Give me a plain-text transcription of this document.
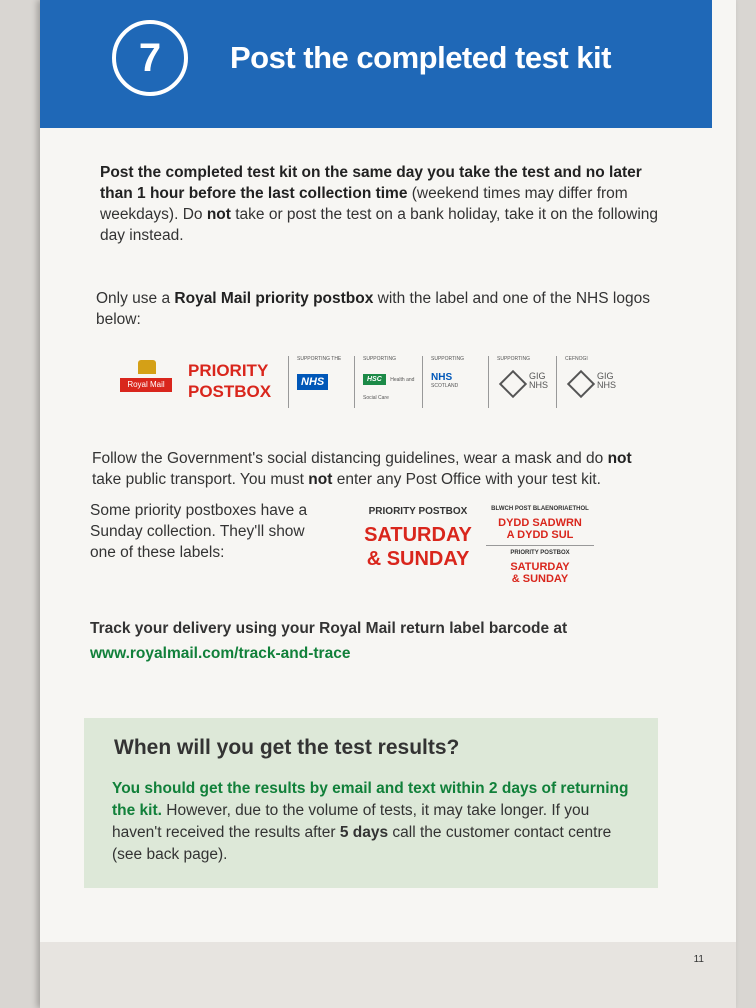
7	Post the completed test kit
Post the completed test kit on the same day you take the test and no later than 1 hour before the last collection time (weekend times may differ from weekdays). Do not take or post the test on a bank holiday, take it on the following day instead.
Only use a Royal Mail priority postbox with the label and one of the NHS logos below:
Royal Mail
PRIORITY
POSTBOX
SUPPORTING THE
NHS
SUPPORTING
HSC Health and Social Care
SUPPORTING
NHS
SCOTLAND
SUPPORTING
GIG
NHS
CEFNOGI
GIG
NHS
Follow the Government's social distancing guidelines, wear a mask and do not take public transport. You must not enter any Post Office with your test kit.
Some priority postboxes have a Sunday collection. They'll show one of these labels:
PRIORITY POSTBOX
SATURDAY
& SUNDAY
BLWCH POST BLAENORIAETHOL
DYDD SADWRN
A DYDD SUL
PRIORITY POSTBOX
SATURDAY
& SUNDAY
Track your delivery using your Royal Mail return label barcode at
www.royalmail.com/track-and-trace
When will you get the test results?
You should get the results by email and text within 2 days of returning the kit. However, due to the volume of tests, it may take longer. If you haven't received the results after 5 days call the customer contact centre (see back page).
11
